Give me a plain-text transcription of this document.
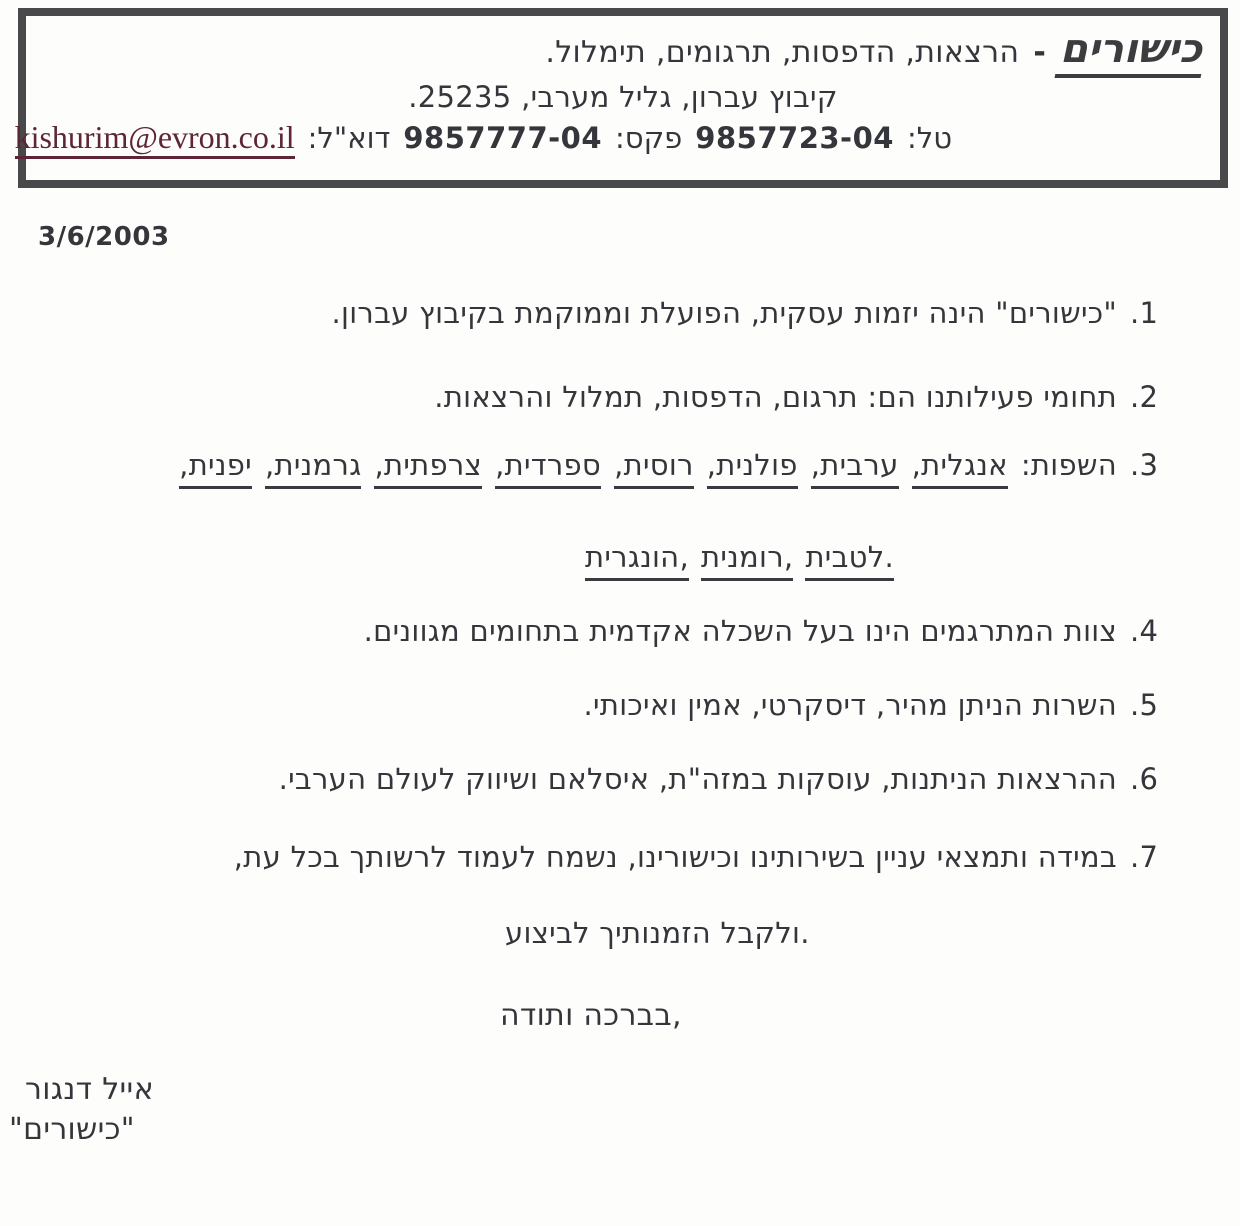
כישורים
-
הרצאות, הדפסות, תרגומים, תימלול.
קיבוץ עברון, גליל מערבי, 25235.
טל:
9857723-04
פקס:
9857777-04
דוא"ל:
kishurim@evron.co.il
3/6/2003
1.
"כישורים" הינה יזמות עסקית, הפועלת וממוקמת בקיבוץ עברון.
2.
תחומי פעילותנו הם: תרגום, הדפסות, תמלול והרצאות.
3.
השפות:
אנגלית,
ערבית,
פולנית,
רוסית,
ספרדית,
צרפתית,
גרמנית,
יפנית,
הונגרית, רומנית, לטבית.
4.
צוות המתרגמים הינו בעל השכלה אקדמית בתחומים מגוונים.
5.
השרות הניתן מהיר, דיסקרטי, אמין ואיכותי.
6.
ההרצאות הניתנות, עוסקות במזה"ת, איסלאם ושיווק לעולם הערבי.
7.
במידה ותמצאי עניין בשירותינו וכישורינו, נשמח לעמוד לרשותך בכל עת,
ולקבל הזמנותיך לביצוע.
בברכה ותודה,
אייל דנגור
"כישורים"
